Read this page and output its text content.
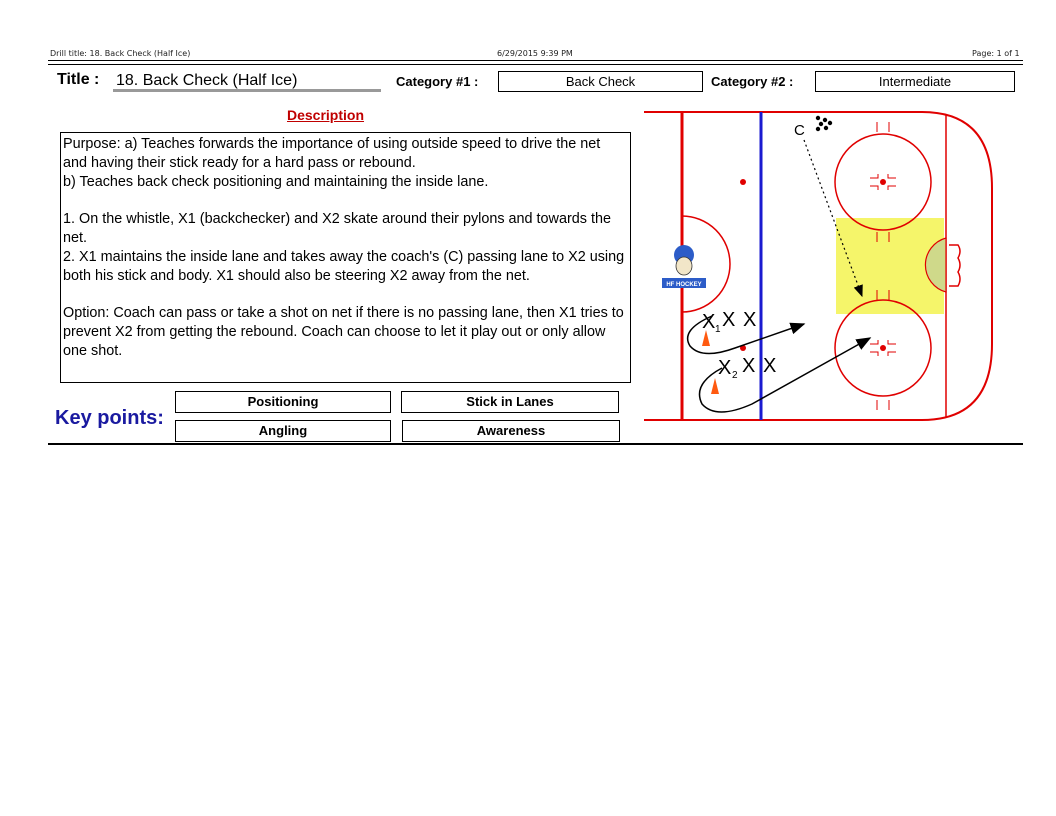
Drill title: 18. Back Check (Half Ice)	6/29/2015 9:39 PM	Page: 1 of 1
Title : 18. Back Check (Half Ice)	Category #1 :	Back Check	Category #2 :	Intermediate
Description

Purpose: a) Teaches forwards the importance of using outside speed to drive the net and having their stick ready for a hard pass or rebound.

b) Teaches back check positioning and maintaining the inside lane.

1. On the whistle, X1 (backchecker) and X2 skate around their pylons and towards the net.

2. X1 maintains the inside lane and takes away the coach's (C) passing lane to X2 using both his stick and body. X1 should also be steering X2 away from the net.

Option: Coach can pass or take a shot on net if there is no passing lane, then X1 tries to prevent X2 from getting the rebound. Coach can choose to let it play out or only allow one shot.

Key points:
Positioning	Stick in Lanes
Angling	Awareness
HF HOCKEY
C
X 1 X X
X 2 X X
